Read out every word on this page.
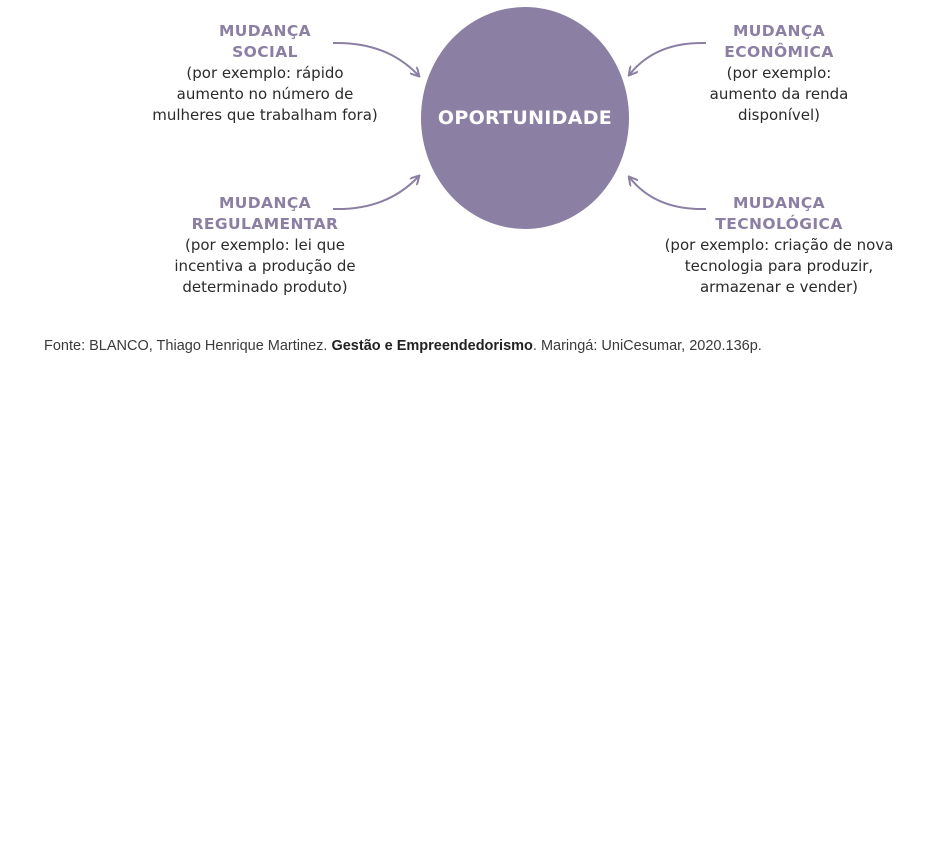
OPORTUNIDADE
MUDANÇA
SOCIAL
(por exemplo: rápido
aumento no número de
mulheres que trabalham fora)
MUDANÇA
ECONÔMICA
(por exemplo:
aumento da renda
disponível)
MUDANÇA
REGULAMENTAR
(por exemplo: lei que
incentiva a produção de
determinado produto)
MUDANÇA
TECNOLÓGICA
(por exemplo: criação de nova
tecnologia para produzir,
armazenar e vender)
Fonte: BLANCO, Thiago Henrique Martinez. Gestão e Empreendedorismo. Maringá: UniCesumar, 2020.136p.
